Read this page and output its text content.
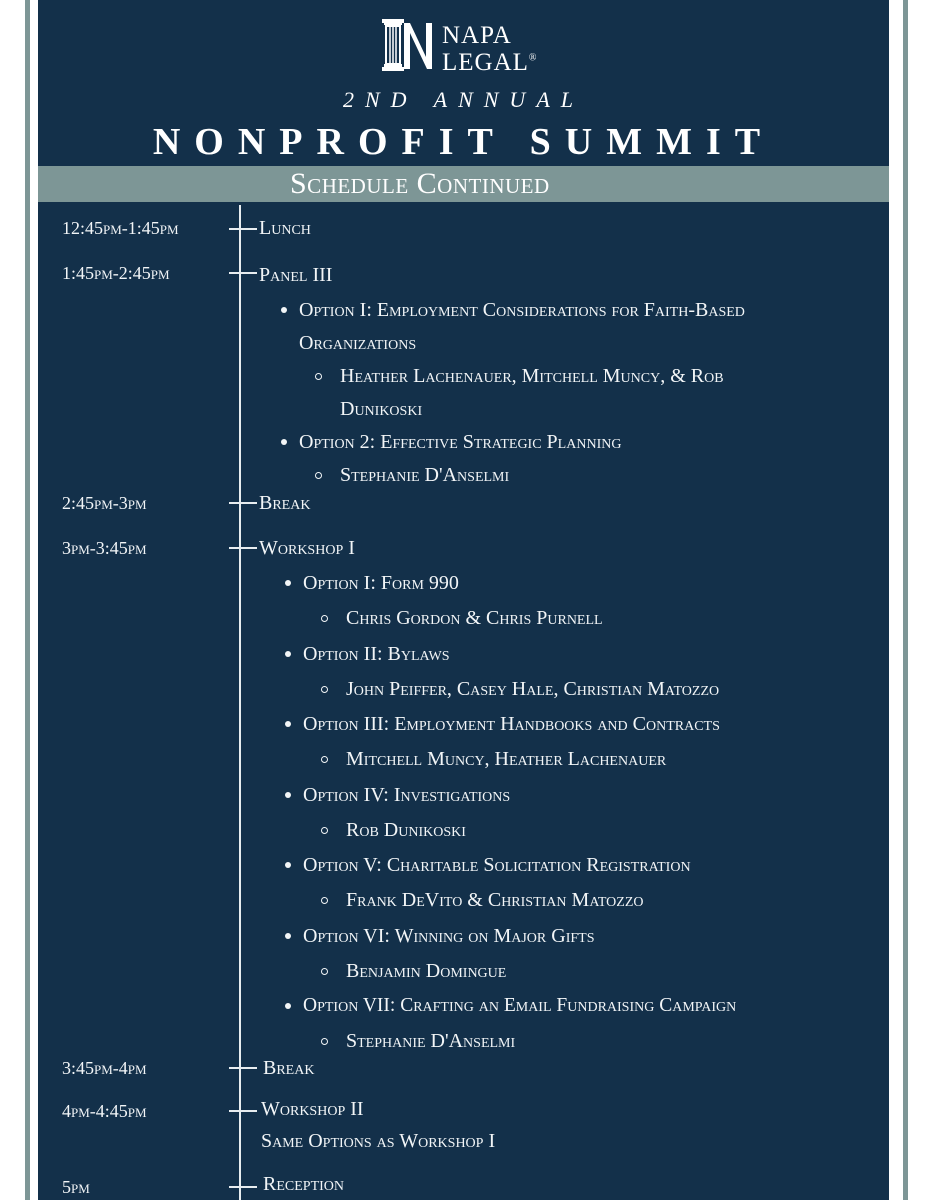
NAPA
LEGAL®
2ND ANNUAL
NONPROFIT SUMMIT
Schedule Continued
12:45pm-1:45pm	Lunch
1:45pm-2:45pm	Panel III
Option I: Employment Considerations for Faith-Based
Organizations
Heather Lachenauer, Mitchell Muncy, & Rob
Dunikoski
Option 2: Effective Strategic Planning
Stephanie D'Anselmi
2:45pm-3pm	Break
3pm-3:45pm	Workshop I
Option I: Form 990
Chris Gordon & Chris Purnell
Option II: Bylaws
John Peiffer, Casey Hale, Christian Matozzo
Option III: Employment Handbooks and Contracts
Mitchell Muncy, Heather Lachenauer
Option IV: Investigations
Rob Dunikoski
Option V: Charitable Solicitation Registration
Frank DeVito & Christian Matozzo
Option VI: Winning on Major Gifts
Benjamin Domingue
Option VII: Crafting an Email Fundraising Campaign
Stephanie D'Anselmi
3:45pm-4pm	Break
4pm-4:45pm	Workshop II
Same Options as Workshop I
5pm	Reception
